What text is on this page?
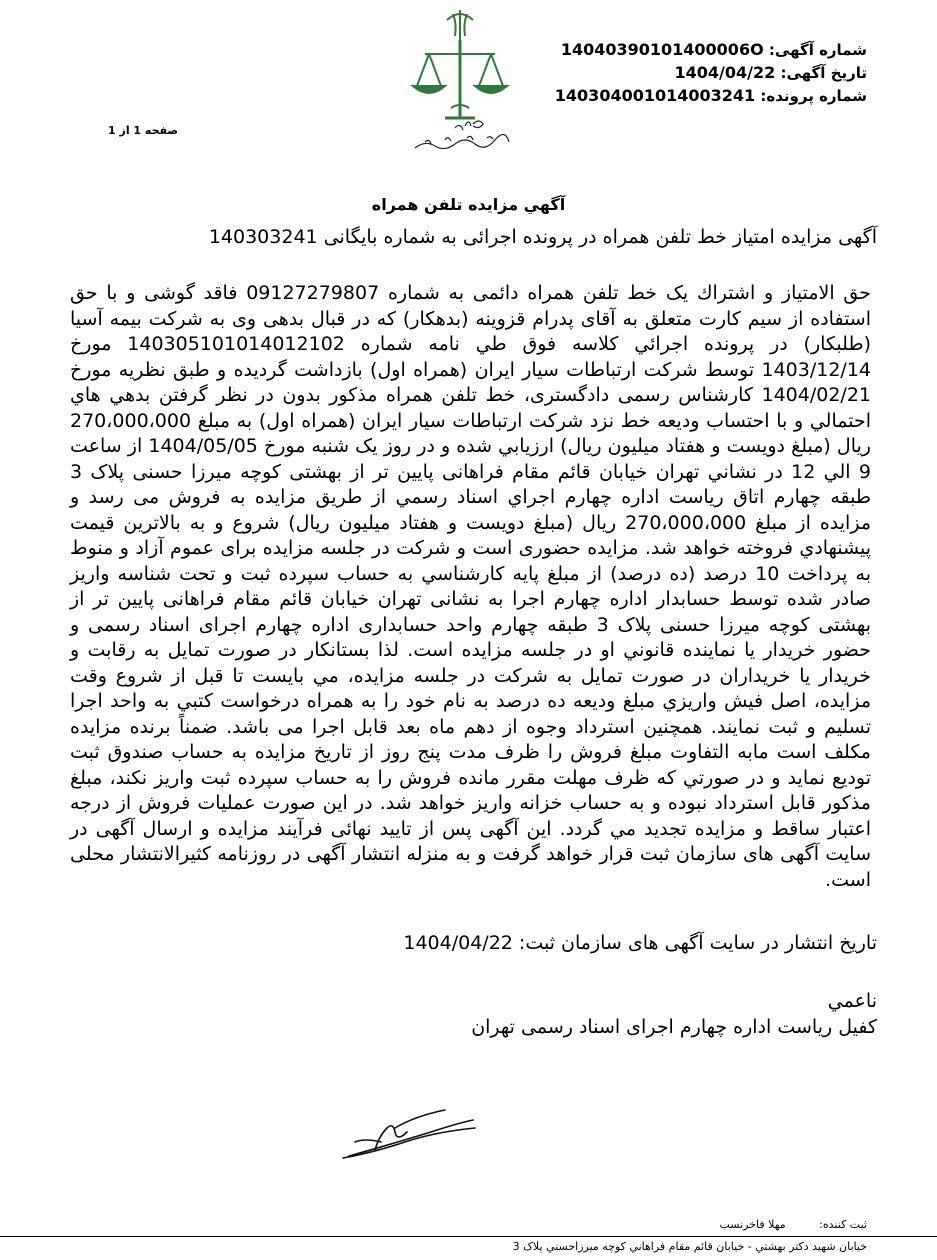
شماره آگهی: 14040390101400006O
تاریخ آگهی: 1404/04/22
شماره پرونده: 140304001014003241
صفحه 1 از 1
آگهي مزايده تلفن همراه
آگهی مزایده امتیاز خط تلفن همراه در پرونده اجرائی به شماره بایگانی 140303241
حق الامتياز و اشتراك يک خط تلفن همراه دائمی به شماره 09127279807 فاقد گوشی و با حق استفاده از سیم کارت متعلق به آقای پدرام قزوینه (بدهکار) که در قبال بدهی وی به شرکت بیمه آسیا (طلبکار) در پرونده اجرائي كلاسه فوق طي نامه شماره 140305101014012102 مورخ 1403/12/14 توسط شرکت ارتباطات سیار ایران (همراه اول) بازداشت گردیده و طبق نظریه مورخ 1404/02/21 كارشناس رسمی دادگستری، خط تلفن همراه مذکور بدون در نظر گرفتن بدهي هاي احتمالي و با احتساب وديعه خط نزد شرکت ارتباطات سیار ایران (همراه اول) به مبلغ 270،000،000 ريال (مبلغ دويست و هفتاد ميليون ريال) ارزيابي شده و در روز یک شنبه مورخ 1404/05/05 از ساعت 9 الي 12 در نشاني تهران خیابان قائم مقام فراهانی پایین تر از بهشتی کوچه میرزا حسنی پلاک 3 طبقه چهارم اتاق رياست اداره چهارم اجراي اسناد رسمي از طريق مزايده به فروش می رسد و مزایده از مبلغ 270،000،000 ريال (مبلغ دويست و هفتاد ميليون ريال) شروع و به بالاترين قيمت پيشنهادي فروخته خواهد شد. مزايده حضوری است و شرکت در جلسه مزایده برای عموم آزاد و منوط به پرداخت 10 درصد (ده درصد) از مبلغ پايه كارشناسي به حساب سپرده ثبت و تحت شناسه واریز صادر شده توسط حسابدار اداره چهارم اجرا به نشانی تهران خیابان قائم مقام فراهانی پایین تر از بهشتی کوچه میرزا حسنی پلاک 3 طبقه چهارم واحد حسابداری اداره چهارم اجرای اسناد رسمی و حضور خريدار يا نماينده قانوني او در جلسه مزايده است. لذا بستانکار در صورت تمایل به رقابت و خریدار یا خریداران در صورت تمایل به شرکت در جلسه مزایده، مي بايست تا قبل از شروع وقت مزایده، اصل فيش واريزي مبلغ وديعه ده درصد به نام خود را به همراه درخواست كتبي به واحد اجرا تسلیم و ثبت نمایند. همچنین استرداد وجوه از دهم ماه بعد قابل اجرا می باشد. ضمناً برنده مزایده مکلف است مابه التفاوت مبلغ فروش را ظرف مدت پنج روز از تاریخ مزایده به حساب صندوق ثبت توديع نمايد و در صورتي که ظرف مهلت مقرر مانده فروش را به حساب سپرده ثبت واریز نکند، مبلغ مذکور قابل استرداد نبوده و به حساب خزانه واریز خواهد شد. در این صورت عملیات فروش از درجه اعتبار ساقط و مزایده تجدید مي گردد. این آگهی پس از تایید نهائی فرآیند مزایده و ارسال آگهی در سایت آگهی های سازمان ثبت قرار خواهد گرفت و به منزله انتشار آگهی در روزنامه کثیرالانتشار محلی است.
تاریخ انتشار در سایت آگهی های سازمان ثبت: 1404/04/22
ناعمي
كفيل رياست اداره چهارم اجرای اسناد رسمی تهران
ثبت کننده: مهلا فاخرنسب
خيابان شهيد دكتر بهشتي - خيابان قائم مقام فراهاني كوچه ميرزاحسني پلاک 3
